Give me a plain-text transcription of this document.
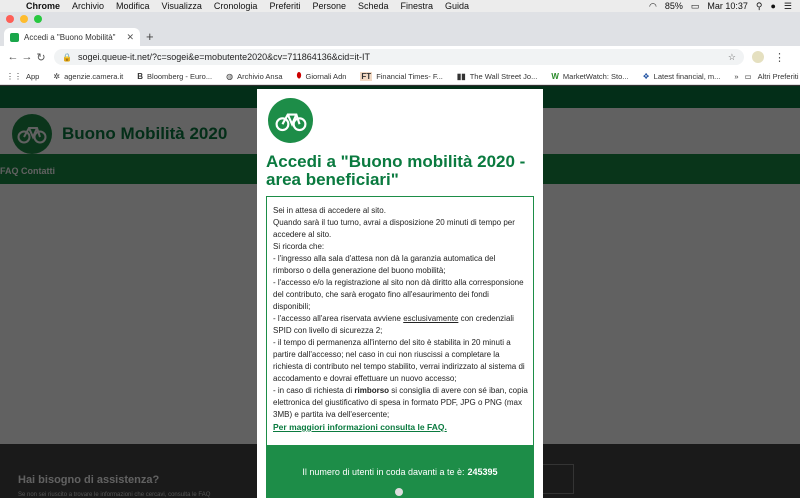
Chrome	Archivio	Modifica	Visualizza	Cronologia	Preferiti	Persone	Scheda	Finestra	Guida	◠ 85% ▭ Mar 10:37 ⚲ ● ☰
Accedi a "Buono Mobilità" ✕ +
← → ↻ 🔒 sogei.queue-it.net/?c=sogei&e=mobutente2020&cv=711864136&cid=it-IT	☆	⋮
⋮⋮ App ✲ agenzie.camera.it B Bloomberg - Euro... ◍ Archivio Ansa ⬮ Giornali Adn FT Financial Times- F... ▮▮ The Wall Street Jo... W MarketWatch: Sto... ❖ Latest financial, m... » ▭ Altri Preferiti
Accedi a "Buono mobilità 2020 - area beneficiari"

Sei in attesa di accedere al sito.

Quando sarà il tuo turno, avrai a disposizione 20 minuti di tempo per accedere al sito.

Si ricorda che:

- l'ingresso alla sala d'attesa non dà la garanzia automatica del rimborso o della generazione del buono mobilità;

- l'accesso e/o la registrazione al sito non dà diritto alla corresponsione del contributo, che sarà erogato fino all'esaurimento dei fondi disponibili;

- l'accesso all'area riservata avviene esclusivamente con credenziali SPID con livello di sicurezza 2;

- il tempo di permanenza all'interno del sito è stabilita in 20 minuti a partire dall'accesso; nel caso in cui non riuscissi a completare la richiesta di contributo nel tempo stabilito, verrai indirizzato al sistema di accodamento e dovrai effettuare un nuovo accesso;

- in caso di richiesta di rimborso si consiglia di avere con sé iban, copia elettronica del giustificativo di spesa in formato PDF, JPG o PNG (max 3MB) e partita iva dell'esercente;

Per maggiori informazioni consulta le FAQ.
Il numero di utenti in coda davanti a te è: 245395
